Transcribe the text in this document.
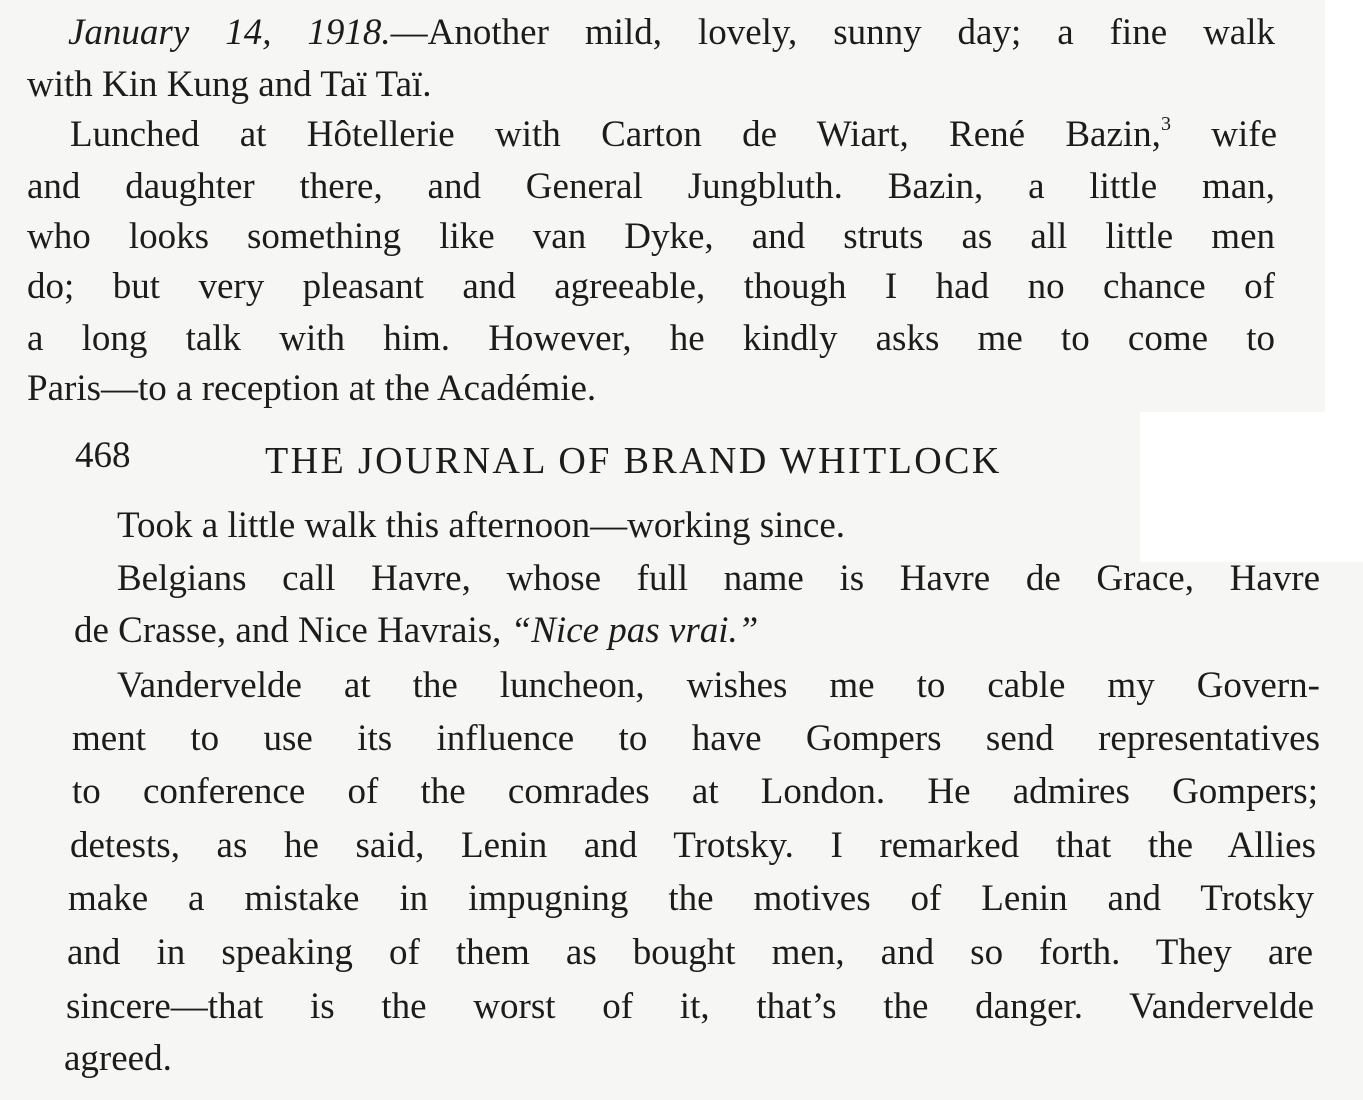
January 14, 1918.—Another mild, lovely, sunny day; a fine walk

with Kin Kung and Taï Taï.

Lunched at Hôtellerie with Carton de Wiart, René Bazin,$^3$ wife

and daughter there, and General Jungbluth. Bazin, a little man,

who looks something like van Dyke, and struts as all little men

do; but very pleasant and agreeable, though I had no chance of

a long talk with him. However, he kindly asks me to come to

Paris—to a reception at the Académie.

468	THE JOURNAL OF BRAND WHITLOCK

Took a little walk this afternoon—working since.

Belgians call Havre, whose full name is Havre de Grace, Havre

de Crasse, and Nice Havrais, “Nice pas vrai.”

Vandervelde at the luncheon, wishes me to cable my Govern-

ment to use its influence to have Gompers send representatives

to conference of the comrades at London. He admires Gompers;

detests, as he said, Lenin and Trotsky. I remarked that the Allies

make a mistake in impugning the motives of Lenin and Trotsky

and in speaking of them as bought men, and so forth. They are

sincere—that is the worst of it, that’s the danger. Vandervelde

agreed.
